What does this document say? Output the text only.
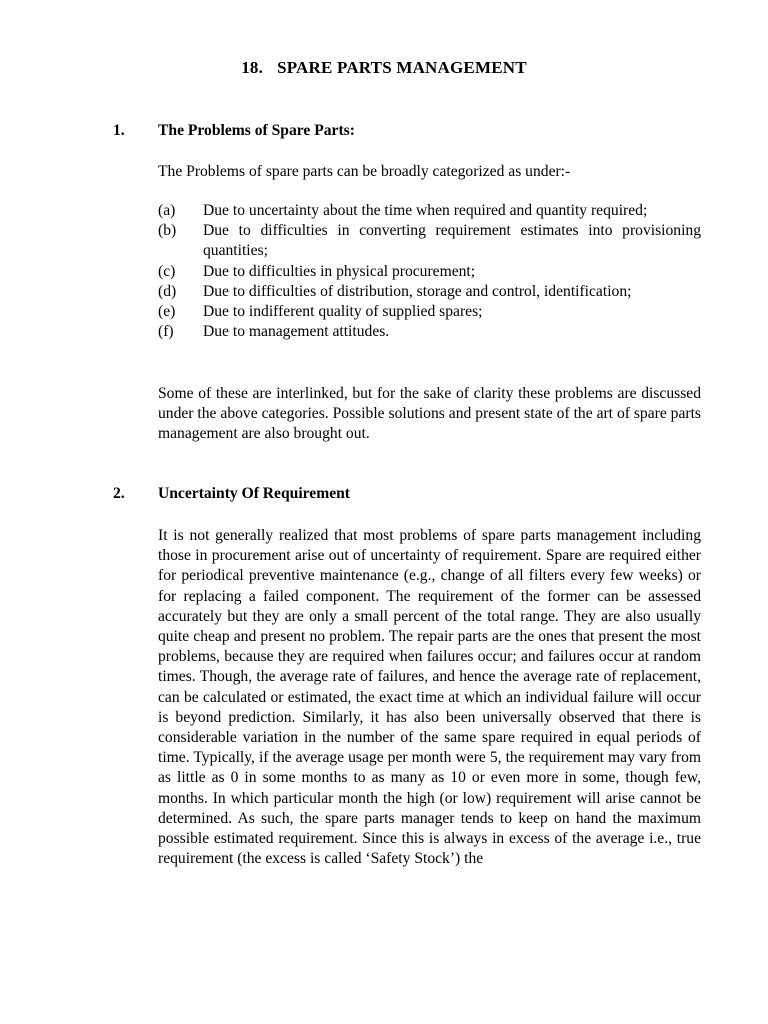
18. SPARE PARTS MANAGEMENT
1. The Problems of Spare Parts:

The Problems of spare parts can be broadly categorized as under:-

(a) Due to uncertainty about the time when required and quantity required;
(b) Due to difficulties in converting requirement estimates into provisioning quantities;
(c) Due to difficulties in physical procurement;
(d) Due to difficulties of distribution, storage and control, identification;
(e) Due to indifferent quality of supplied spares;
(f) Due to management attitudes.

Some of these are interlinked, but for the sake of clarity these problems are discussed under the above categories. Possible solutions and present state of the art of spare parts management are also brought out.

2. Uncertainty Of Requirement

It is not generally realized that most problems of spare parts management including those in procurement arise out of uncertainty of requirement. Spare are required either for periodical preventive maintenance (e.g., change of all filters every few weeks) or for replacing a failed component. The requirement of the former can be assessed accurately but they are only a small percent of the total range. They are also usually quite cheap and present no problem. The repair parts are the ones that present the most problems, because they are required when failures occur; and failures occur at random times. Though, the average rate of failures, and hence the average rate of replacement, can be calculated or estimated, the exact time at which an individual failure will occur is beyond prediction. Similarly, it has also been universally observed that there is considerable variation in the number of the same spare required in equal periods of time. Typically, if the average usage per month were 5, the requirement may vary from as little as 0 in some months to as many as 10 or even more in some, though few, months. In which particular month the high (or low) requirement will arise cannot be determined. As such, the spare parts manager tends to keep on hand the maximum possible estimated requirement. Since this is always in excess of the average i.e., true requirement (the excess is called ‘Safety Stock’) the
